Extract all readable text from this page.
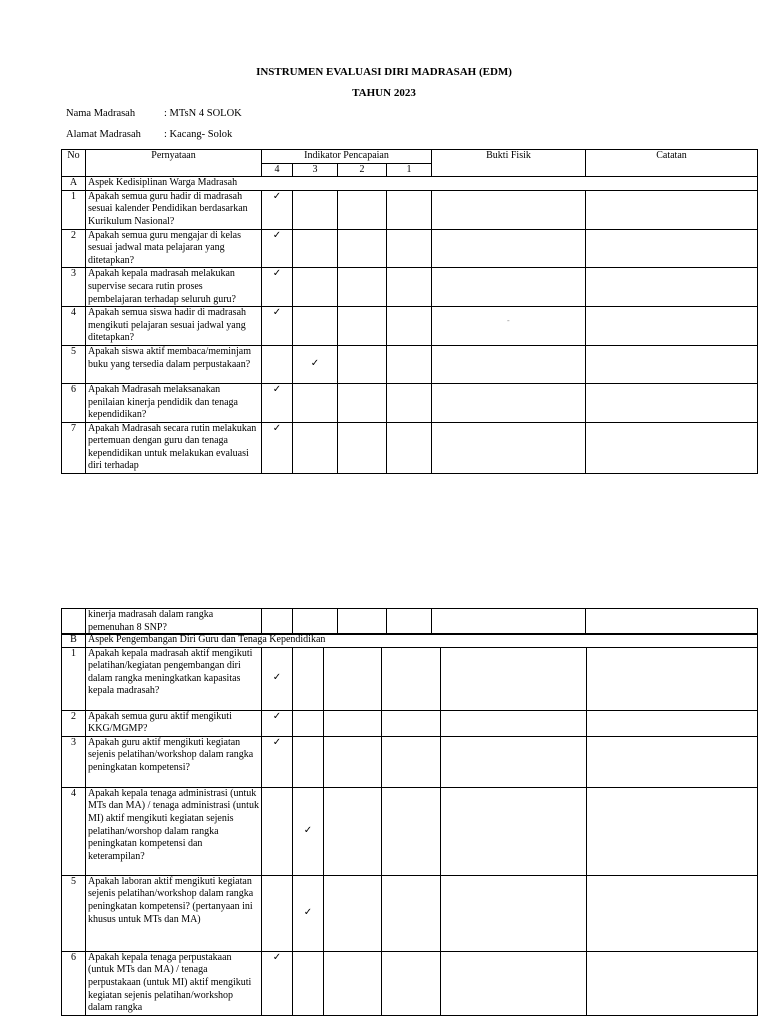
INSTRUMEN EVALUASI DIRI MADRASAH (EDM)
TAHUN 2023
Nama Madrasah	: MTsN 4 SOLOK
Alamat Madrasah : Kacang- Solok
No	Pernyataan	Indikator Pencapaian				Bukti Fisik	Catatan
		4	3	2	1		
A	Aspek Kedisiplinan Warga Madrasah						
1	Apakah semua guru hadir di madrasah sesuai kalender Pendidikan berdasarkan Kurikulum Nasional?	✓					
2	Apakah semua guru mengajar di kelas sesuai jadwal mata pelajaran yang ditetapkan?	✓					
3	Apakah kepala madrasah melakukan supervise secara rutin proses pembelajaran terhadap seluruh guru?	✓					
4	Apakah semua siswa hadir di madrasah mengikuti pelajaran sesuai jadwal yang ditetapkan?	✓					
5	Apakah siswa aktif membaca/meminjam buku yang tersedia dalam perpustakaan?		✓				
6	Apakah Madrasah melaksanakan penilaian kinerja pendidik dan tenaga kependidikan?	✓					
7	Apakah Madrasah secara rutin melakukan pertemuan dengan guru dan tenaga kependidikan untuk melakukan evaluasi diri terhadap	✓					
-
	kinerja madrasah dalam rangka pemenuhan 8 SNP?						
B	Aspek Pengembangan Diri Guru dan Tenaga Kependidikan						
1	Apakah kepala madrasah aktif mengikuti pelatihan/kegiatan pengembangan diri dalam rangka meningkatkan kapasitas kepala madrasah?	✓					
2	Apakah semua guru aktif mengikuti KKG/MGMP?	✓					
3	Apakah guru aktif mengikuti kegiatan sejenis pelatihan/workshop dalam rangka peningkatan kompetensi?	✓					
4	Apakah kepala tenaga administrasi (untuk MTs dan MA) / tenaga administrasi (untuk MI) aktif mengikuti kegiatan sejenis pelatihan/worshop dalam rangka peningkatan kompetensi dan keterampilan?		✓				
5	Apakah laboran aktif mengikuti kegiatan sejenis pelatihan/workshop dalam rangka peningkatan kompetensi? (pertanyaan ini khusus untuk MTs dan MA)		✓				
6	Apakah kepala tenaga perpustakaan (untuk MTs dan MA) / tenaga perpustakaan (untuk MI) aktif mengikuti kegiatan sejenis pelatihan/workshop dalam rangka	✓					
